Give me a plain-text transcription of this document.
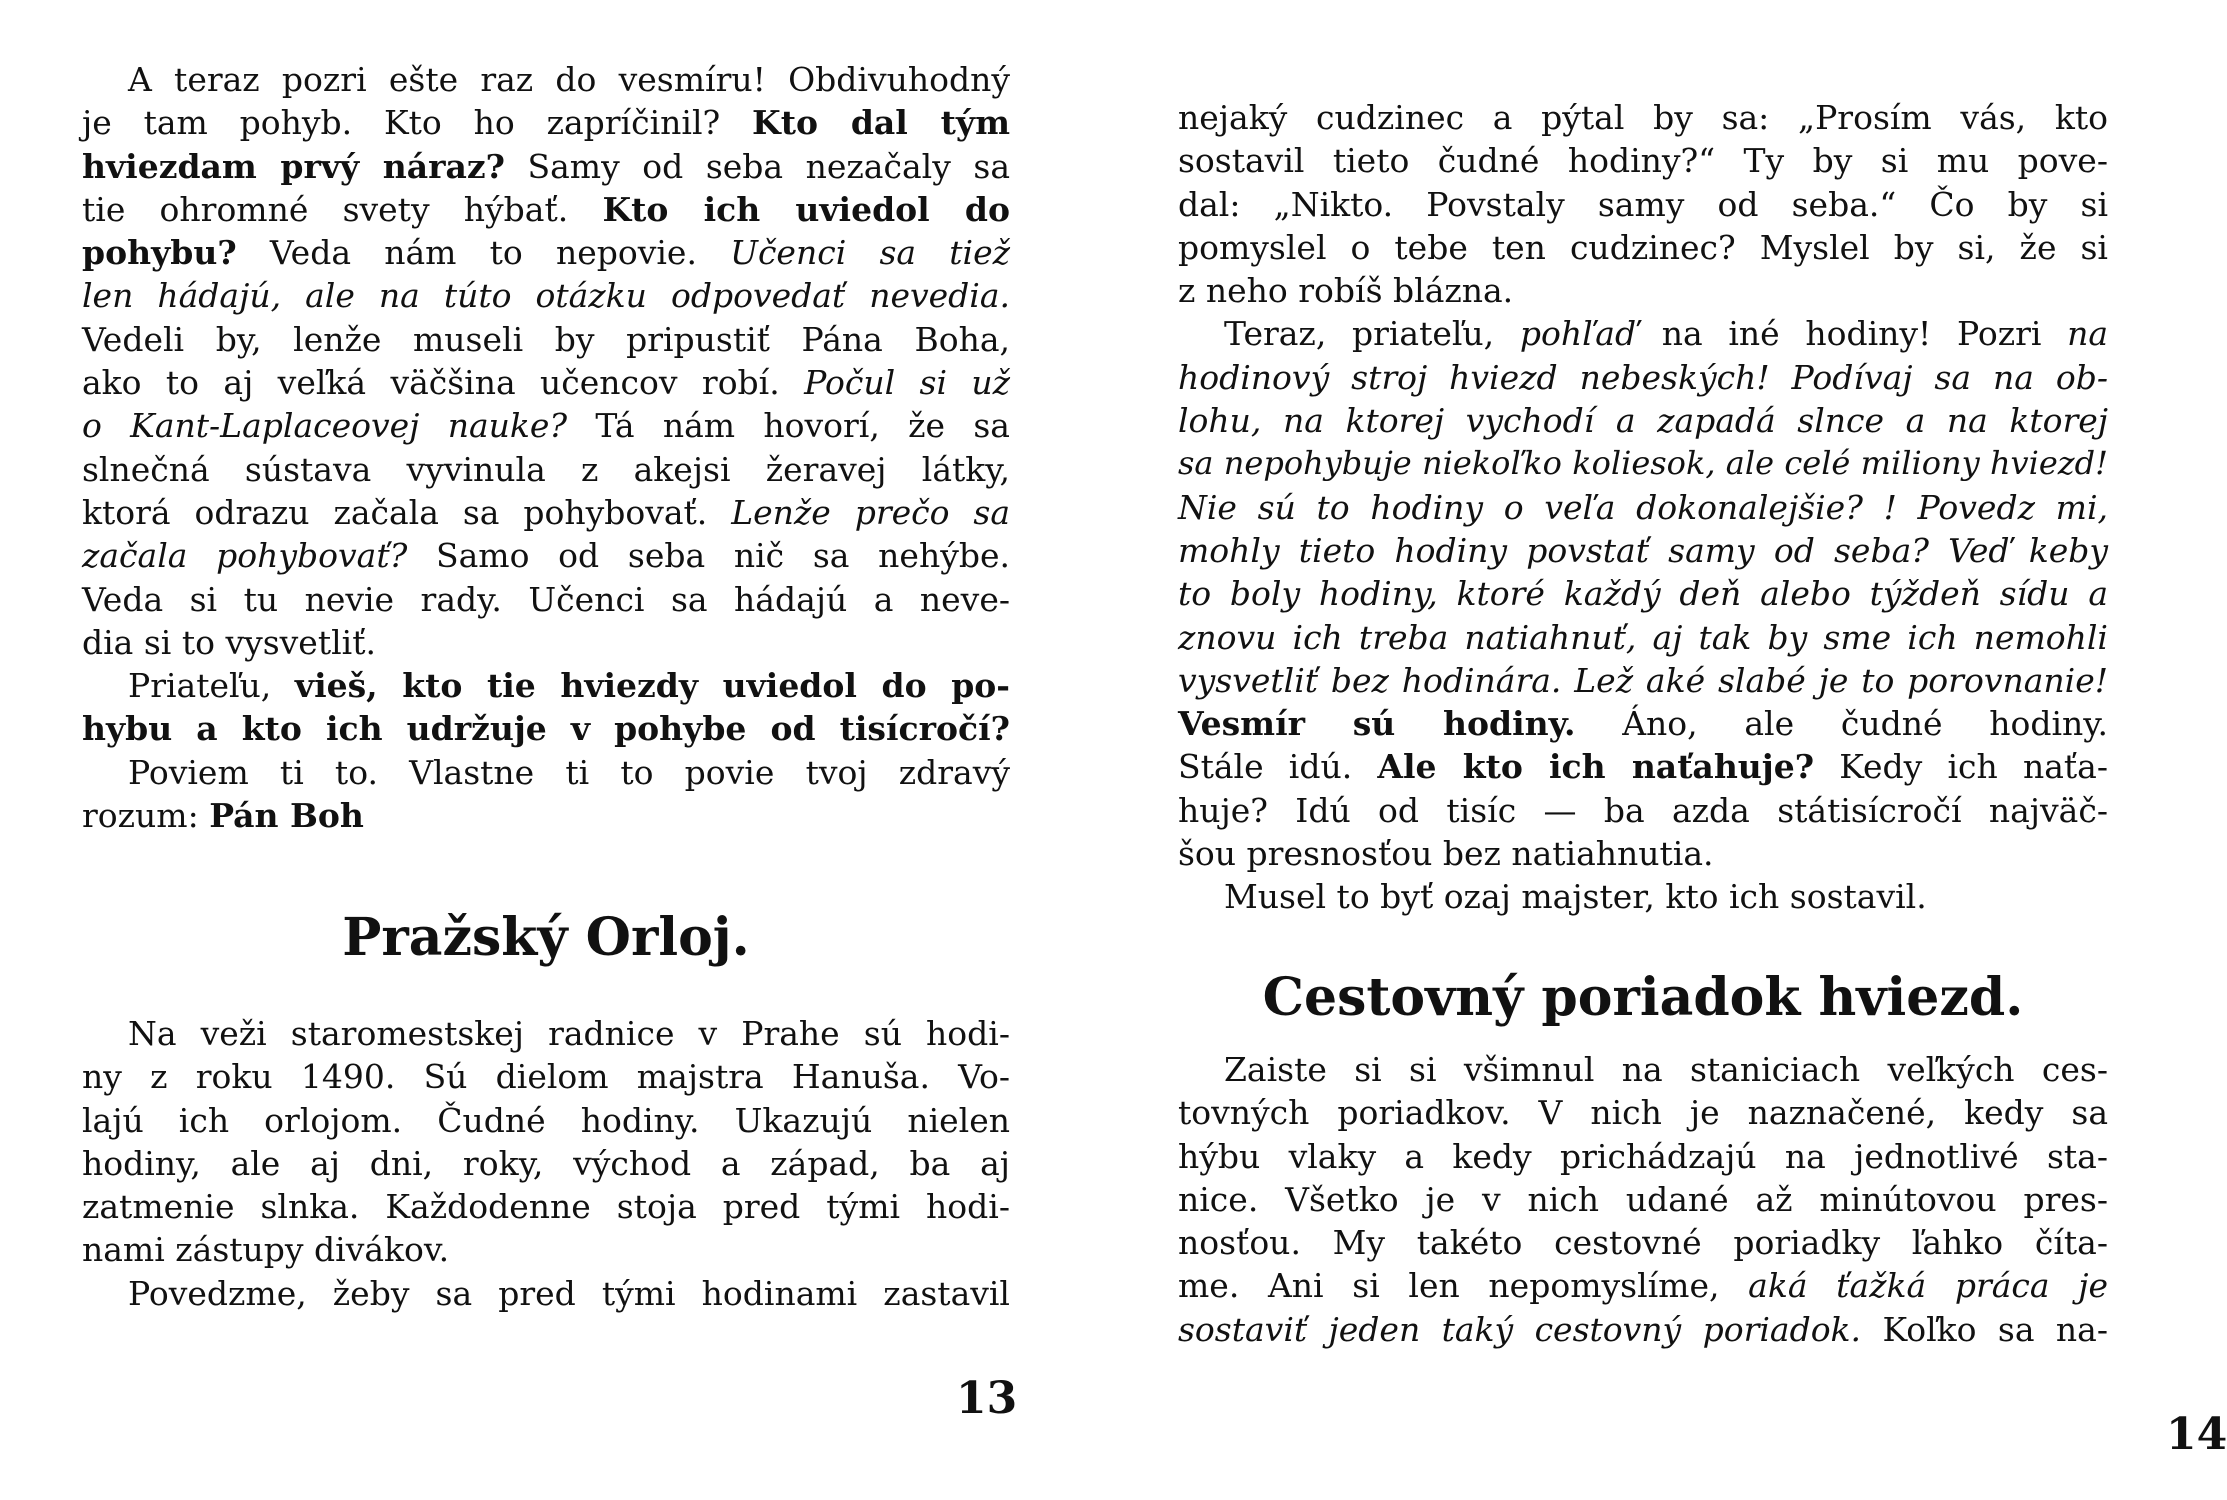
A teraz pozri ešte raz do vesmíru! Obdivuhodný
je tam pohyb. Kto ho zapríčinil? Kto dal tým
hviezdam prvý náraz? Samy od seba nezačaly sa
tie ohromné svety hýbať. Kto ich uviedol do
pohybu? Veda nám to nepovie. Učenci sa tiež
len hádajú, ale na túto otázku odpovedať nevedia.
Vedeli by, lenže museli by pripustiť Pána Boha,
ako to aj veľká väčšina učencov robí. Počul si už
o Kant-Laplaceovej nauke? Tá nám hovorí, že sa
slnečná sústava vyvinula z akejsi žeravej látky,
ktorá odrazu začala sa pohybovať. Lenže prečo sa
začala pohybovať? Samo od seba nič sa nehýbe.
Veda si tu nevie rady. Učenci sa hádajú a neve-
dia si to vysvetliť.
Priateľu, vieš, kto tie hviezdy uviedol do po-
hybu a kto ich udržuje v pohybe od tisícročí?
Poviem ti to. Vlastne ti to povie tvoj zdravý
rozum: Pán Boh
Pražský Orloj.
Na veži staromestskej radnice v Prahe sú hodi-
ny z roku 1490. Sú dielom majstra Hanuša. Vo-
lajú ich orlojom. Čudné hodiny. Ukazujú nielen
hodiny, ale aj dni, roky, východ a západ, ba aj
zatmenie slnka. Každodenne stoja pred tými hodi-
nami zástupy divákov.
Povedzme, žeby sa pred tými hodinami zastavil
13
nejaký cudzinec a pýtal by sa: „Prosím vás, kto
sostavil tieto čudné hodiny?“ Ty by si mu pove-
dal: „Nikto. Povstaly samy od seba.“ Čo by si
pomyslel o tebe ten cudzinec? Myslel by si, že si
z neho robíš blázna.
Teraz, priateľu, pohľaď na iné hodiny! Pozri na
hodinový stroj hviezd nebeských! Podívaj sa na ob-
lohu, na ktorej vychodí a zapadá slnce a na ktorej
sa nepohybuje niekoľko koliesok, ale celé miliony hviezd!
Nie sú to hodiny o veľa dokonalejšie? ! Povedz mi,
mohly tieto hodiny povstať samy od seba? Veď keby
to boly hodiny, ktoré každý deň alebo týždeň sídu a
znovu ich treba natiahnuť, aj tak by sme ich nemohli
vysvetliť bez hodinára. Lež aké slabé je to porovnanie!
Vesmír sú hodiny. Áno, ale čudné hodiny.
Stále idú. Ale kto ich naťahuje? Kedy ich naťa-
huje? Idú od tisíc — ba azda státisícročí najväč-
šou presnosťou bez natiahnutia.
Musel to byť ozaj majster, kto ich sostavil.
Cestovný poriadok hviezd.
Zaiste si si všimnul na staniciach veľkých ces-
tovných poriadkov. V nich je naznačené, kedy sa
hýbu vlaky a kedy prichádzajú na jednotlivé sta-
nice. Všetko je v nich udané až minútovou pres-
nosťou. My takéto cestovné poriadky ľahko číta-
me. Ani si len nepomyslíme, aká ťažká práca je
sostaviť jeden taký cestovný poriadok. Koľko sa na-
14
